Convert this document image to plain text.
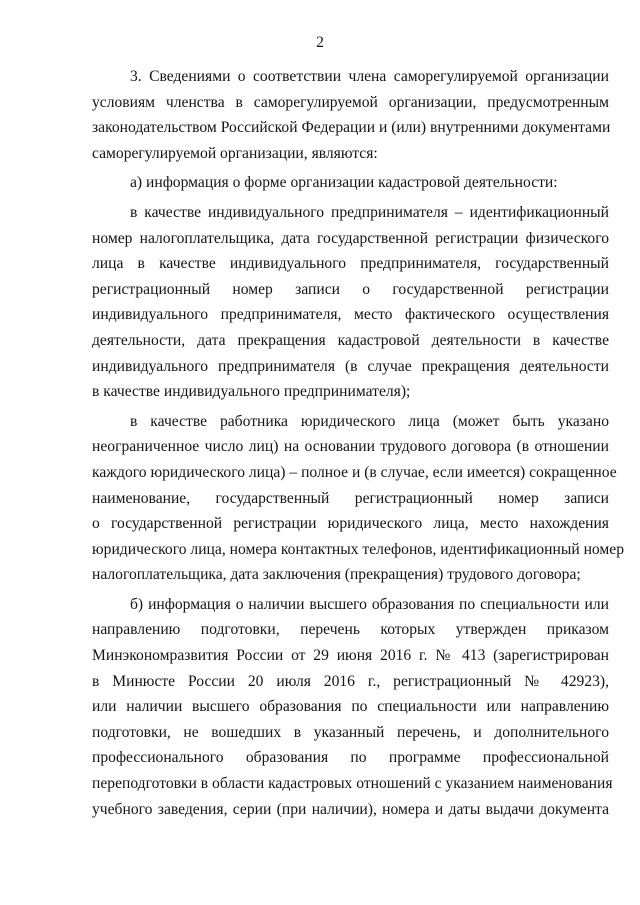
2
3. Сведениями о соответствии члена саморегулируемой организации
условиям членства в саморегулируемой организации, предусмотренным
законодательством Российской Федерации и (или) внутренними документами
саморегулируемой организации, являются:
а) информация о форме организации кадастровой деятельности:
в качестве индивидуального предпринимателя – идентификационный
номер налогоплательщика, дата государственной регистрации физического
лица в качестве индивидуального предпринимателя, государственный
регистрационный номер записи о государственной регистрации
индивидуального предпринимателя, место фактического осуществления
деятельности, дата прекращения кадастровой деятельности в качестве
индивидуального предпринимателя (в случае прекращения деятельности
в качестве индивидуального предпринимателя);
в качестве работника юридического лица (может быть указано
неограниченное число лиц) на основании трудового договора (в отношении
каждого юридического лица) – полное и (в случае, если имеется) сокращенное
наименование, государственный регистрационный номер записи
о государственной регистрации юридического лица, место нахождения
юридического лица, номера контактных телефонов, идентификационный номер
налогоплательщика, дата заключения (прекращения) трудового договора;
б) информация о наличии высшего образования по специальности или
направлению подготовки, перечень которых утвержден приказом
Минэкономразвития России от 29 июня 2016 г. № 413 (зарегистрирован
в Минюсте России 20 июля 2016 г., регистрационный № 42923),
или наличии высшего образования по специальности или направлению
подготовки, не вошедших в указанный перечень, и дополнительного
профессионального образования по программе профессиональной
переподготовки в области кадастровых отношений с указанием наименования
учебного заведения, серии (при наличии), номера и даты выдачи документа
